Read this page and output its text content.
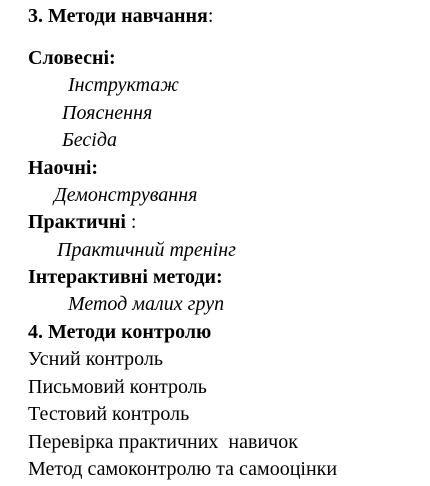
3. Методи навчання:
Словесні:
Інструктаж
Пояснення
Бесіда
Наочні:
Демонстрування
Практичні :
Практичний тренінг
Інтерактивні методи:
Метод малих груп
4. Методи контролю
Усний контроль
Письмовий контроль
Тестовий контроль
Перевірка практичних  навичок
Метод самоконтролю та самооцінки
